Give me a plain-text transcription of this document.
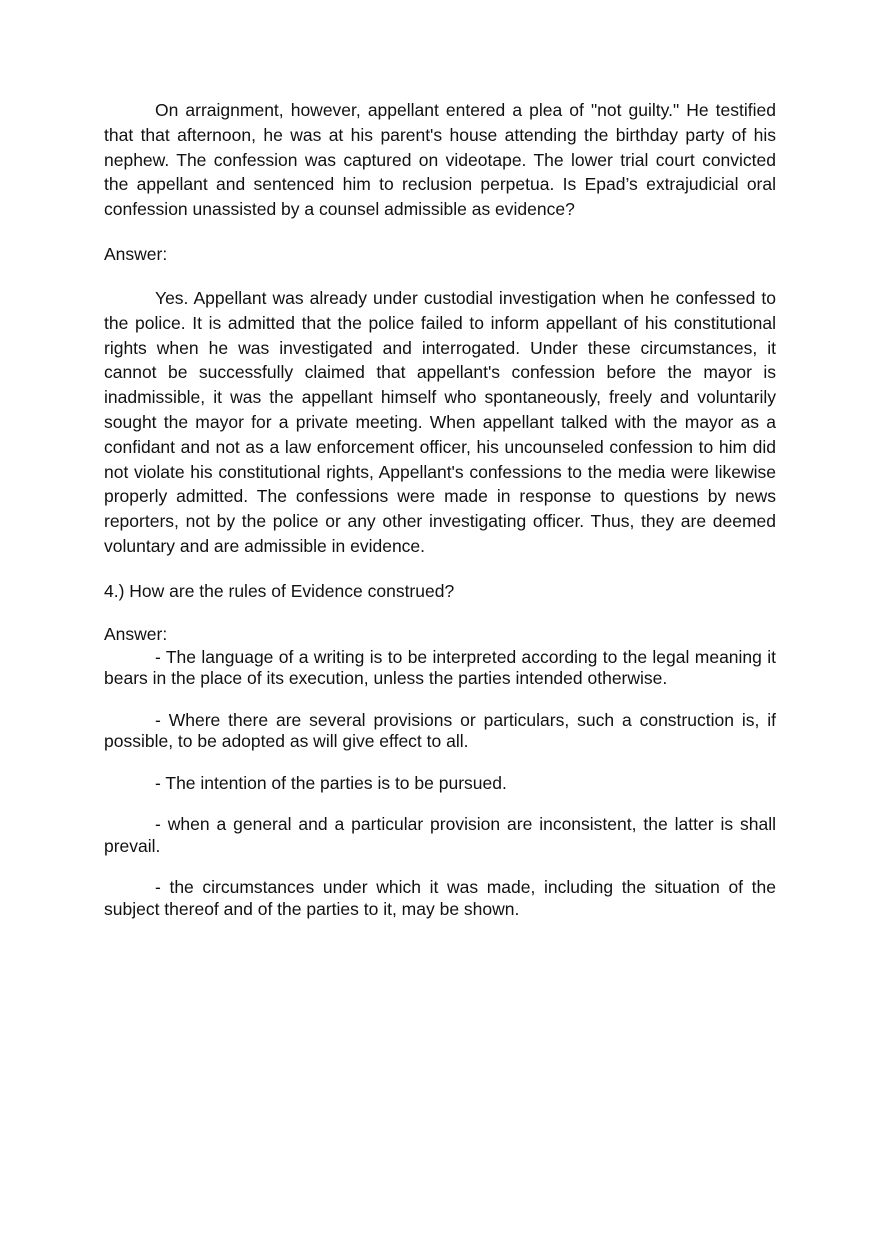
On arraignment, however, appellant entered a plea of "not guilty." He testified that that afternoon, he was at his parent's house attending the birthday party of his nephew. The confession was captured on videotape. The lower trial court convicted the appellant and sentenced him to reclusion perpetua. Is Epad’s extrajudicial oral confession unassisted by a counsel admissible as evidence?

Answer:

Yes. Appellant was already under custodial investigation when he confessed to the police. It is admitted that the police failed to inform appellant of his constitutional rights when he was investigated and interrogated. Under these circumstances, it cannot be successfully claimed that appellant's confession before the mayor is inadmissible, it was the appellant himself who spontaneously, freely and voluntarily sought the mayor for a private meeting. When appellant talked with the mayor as a confidant and not as a law enforcement officer, his uncounseled confession to him did not violate his constitutional rights, Appellant's confessions to the media were likewise properly admitted. The confessions were made in response to questions by news reporters, not by the police or any other investigating officer. Thus, they are deemed voluntary and are admissible in evidence.

4.) How are the rules of Evidence construed?

Answer:

- The language of a writing is to be interpreted according to the legal meaning it bears in the place of its execution, unless the parties intended otherwise.
- Where there are several provisions or particulars, such a construction is, if possible, to be adopted as will give effect to all.
- The intention of the parties is to be pursued.
- when a general and a particular provision are inconsistent, the latter is shall prevail.
- the circumstances under which it was made, including the situation of the subject thereof and of the parties to it, may be shown.
